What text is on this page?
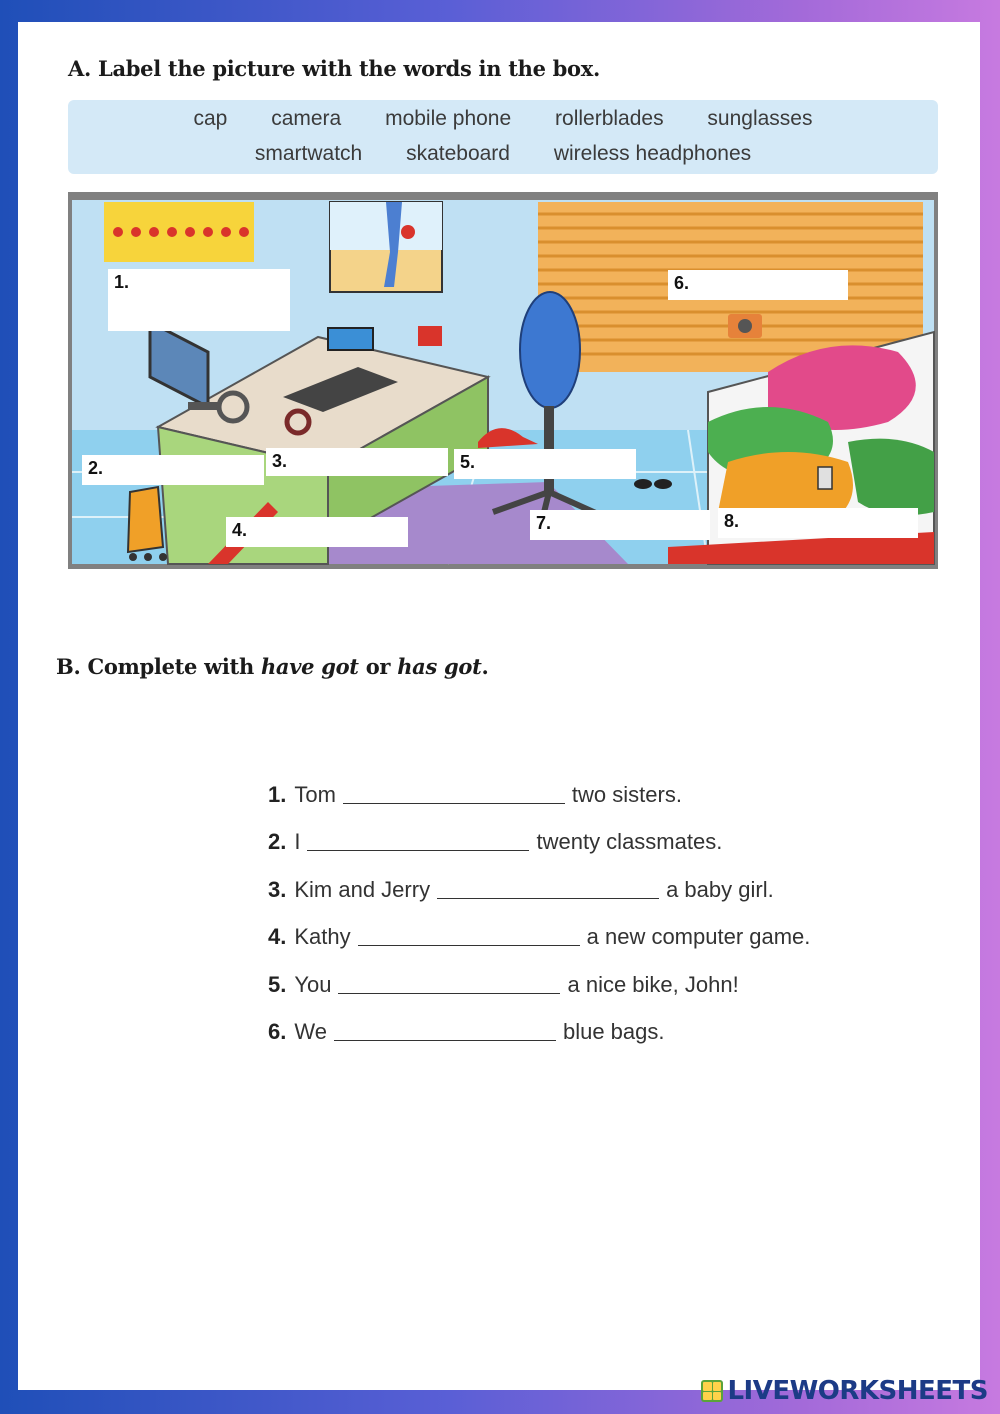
A. Label the picture with the words in the box.
cap camera mobile phone rollerblades sunglasses
smartwatch skateboard wireless headphones
1.	6.
2.	3.	5.
4.	7.	8.
B. Complete with have got or has got.
1. Tom	two sisters.
2. I	twenty classmates.
3. Kim and Jerry	a baby girl.
4. Kathy	a new computer game.
5. You	a nice bike, John!
6. We	blue bags.
LIVEWORKSHEETS
